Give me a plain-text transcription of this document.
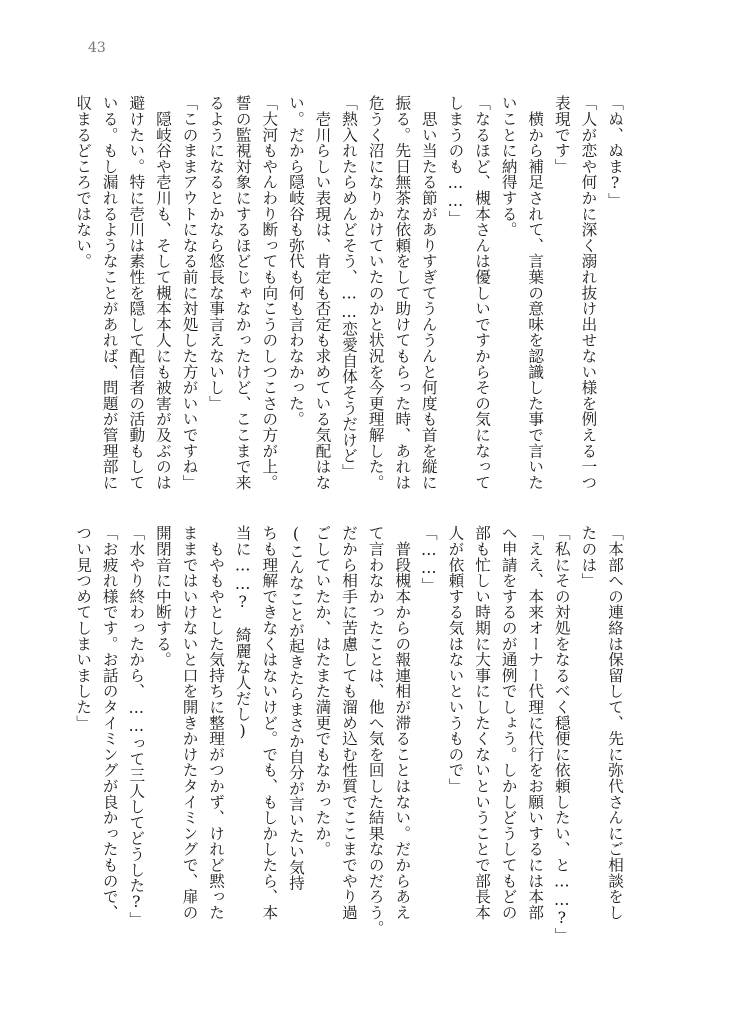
43
「ぬ、ぬま?」
「人が恋や何かに深く溺れ抜け出せない様を例える一つ
表現です」
　横から補足されて、言葉の意味を認識した事で言いた
いことに納得する。
「なるほど、槻本さんは優しいですからその気になって
しまうのも……」
　思い当たる節がありすぎてうんうんと何度も首を縦に
振る。先日無茶な依頼をして助けてもらった時、あれは
危うく沼になりかけていたのかと状況を今更理解した。
「熱入れたらめんどそう、……恋愛自体そうだけど」
　壱川らしい表現は、肯定も否定も求めている気配はな
い。だから隠岐谷も弥代も何も言わなかった。
「大河もやんわり断っても向こうのしつこさの方が上。
誓の監視対象にするほどじゃなかったけど、ここまで来
るようになるとかなら悠長な事言えないし」
「このままアウトになる前に対処した方がいいですね」
　隠岐谷や壱川も、そして槻本本人にも被害が及ぶのは
避けたい。特に壱川は素性を隠して配信者の活動もして
いる。もし漏れるようなことがあれば、問題が管理部に
収まるどころではない。
「本部への連絡は保留して、先に弥代さんにご相談をし
たのは」
「私にその対処をなるべく穏便に依頼したい、と……?」
「ええ、本来オーナー代理に代行をお願いするには本部
へ申請をするのが通例でしょう。しかしどうしてもどの
部も忙しい時期に大事にしたくないということで部長本
人が依頼する気はないというもので」
「……」
　普段槻本からの報連相が滞ることはない。だからあえ
て言わなかったことは、他へ気を回した結果なのだろう。
だから相手に苦慮しても溜め込む性質でここまでやり過
ごしていたか、はたまた満更でもなかったか。
(こんなことが起きたらまさか自分が言いたい気持
ちも理解できなくはないけど。でも、もしかしたら、本
当に……?　綺麗な人だし)
　もやもやとした気持ちに整理がつかず、けれど黙った
ままではいけないと口を開きかけたタイミングで、扉の
開閉音に中断する。
「水やり終わったから、……って三人してどうした?」
「お疲れ様です。お話のタイミングが良かったもので、
つい見つめてしまいました」
